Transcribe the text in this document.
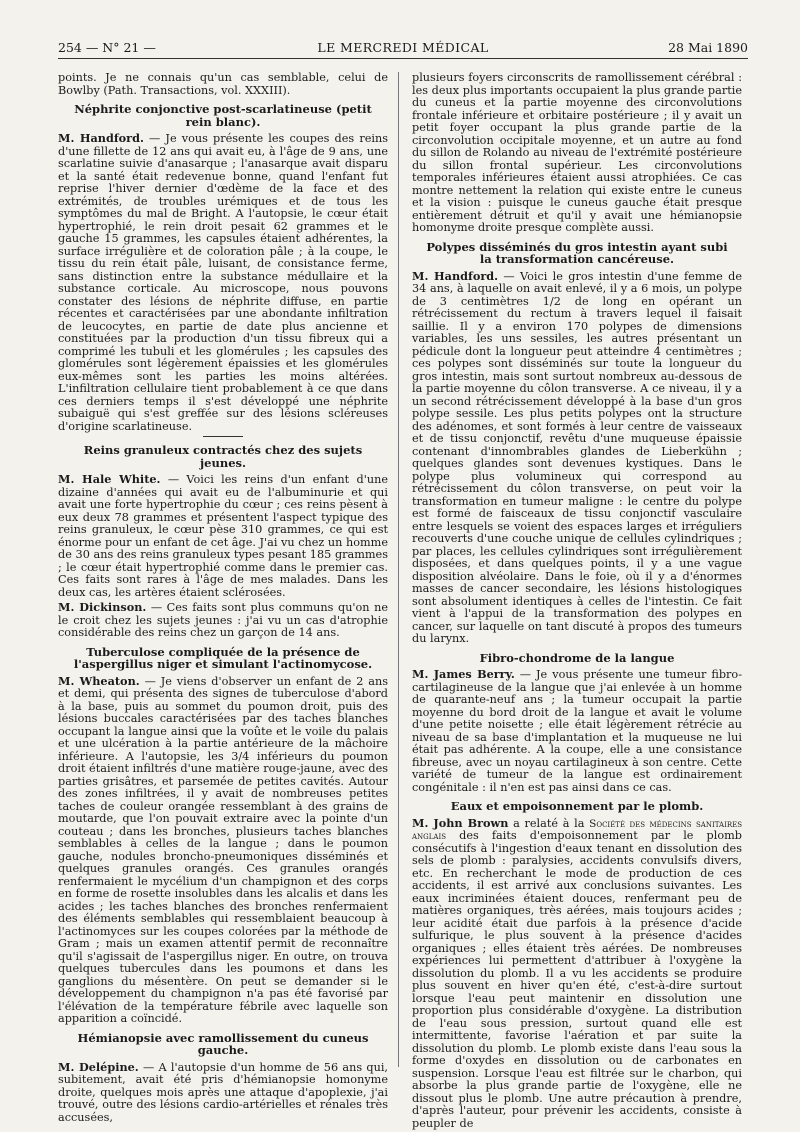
254 — N° 21 —	LE MERCREDI MÉDICAL	28 Mai 1890

points. Je ne connais qu'un cas semblable, celui de Bowlby (Path. Transactions, vol. XXXIII).

Néphrite conjonctive post-scarlatineuse (petit rein blanc).

M. Handford. — Je vous présente les coupes des reins d'une fillette de 12 ans qui avait eu, à l'âge de 9 ans, une scarlatine suivie d'anasarque ; l'anasarque avait disparu et la santé était redevenue bonne, quand l'enfant fut reprise l'hiver dernier d'œdème de la face et des extrémités, de troubles urémiques et de tous les symptômes du mal de Bright. A l'autopsie, le cœur était hypertrophié, le rein droit pesait 62 grammes et le gauche 15 grammes, les capsules étaient adhérentes, la surface irrégulière et de coloration pâle ; à la coupe, le tissu du rein était pâle, luisant, de consistance ferme, sans distinction entre la substance médullaire et la substance corticale. Au microscope, nous pouvons constater des lésions de néphrite diffuse, en partie récentes et caractérisées par une abondante infiltration de leucocytes, en partie de date plus ancienne et constituées par la production d'un tissu fibreux qui a comprimé les tubuli et les glomérules ; les capsules des glomérules sont légèrement épaissies et les glomérules eux-mêmes sont les parties les moins altérées. L'infiltration cellulaire tient probablement à ce que dans ces derniers temps il s'est développé une néphrite subaiguë qui s'est greffée sur des lésions scléreuses d'origine scarlatineuse.

Reins granuleux contractés chez des sujets jeunes.

M. Hale White. — Voici les reins d'un enfant d'une dizaine d'années qui avait eu de l'albuminurie et qui avait une forte hypertrophie du cœur ; ces reins pèsent à eux deux 78 grammes et présentent l'aspect typique des reins granuleux, le cœur pèse 310 grammes, ce qui est énorme pour un enfant de cet âge. J'ai vu chez un homme de 30 ans des reins granuleux types pesant 185 grammes ; le cœur était hypertrophié comme dans le premier cas. Ces faits sont rares à l'âge de mes malades. Dans les deux cas, les artères étaient sclérosées.

M. Dickinson. — Ces faits sont plus communs qu'on ne le croit chez les sujets jeunes : j'ai vu un cas d'atrophie considérable des reins chez un garçon de 14 ans.

Tuberculose compliquée de la présence de l'aspergillus niger et simulant l'actinomycose.

M. Wheaton. — Je viens d'observer un enfant de 2 ans et demi, qui présenta des signes de tuberculose d'abord à la base, puis au sommet du poumon droit, puis des lésions buccales caractérisées par des taches blanches occupant la langue ainsi que la voûte et le voile du palais et une ulcération à la partie antérieure de la mâchoire inférieure. A l'autopsie, les 3/4 inférieurs du poumon droit étaient infiltrés d'une matière rouge-jaune, avec des parties grisâtres, et parsemée de petites cavités. Autour des zones infiltrées, il y avait de nombreuses petites taches de couleur orangée ressemblant à des grains de moutarde, que l'on pouvait extraire avec la pointe d'un couteau ; dans les bronches, plusieurs taches blanches semblables à celles de la langue ; dans le poumon gauche, nodules broncho-pneumoniques disséminés et quelques granules orangés. Ces granules orangés renfermaient le mycélium d'un champignon et des corps en forme de rosette insolubles dans les alcalis et dans les acides ; les taches blanches des bronches renfermaient des éléments semblables qui ressemblaient beaucoup à l'actinomyces sur les coupes colorées par la méthode de Gram ; mais un examen attentif permit de reconnaître qu'il s'agissait de l'aspergillus niger. En outre, on trouva quelques tubercules dans les poumons et dans les ganglions du mésentère. On peut se demander si le développement du champignon n'a pas été favorisé par l'élévation de la température fébrile avec laquelle son apparition a coïncidé.

Hémianopsie avec ramollissement du cuneus gauche.

M. Delépine. — A l'autopsie d'un homme de 56 ans qui, subitement, avait été pris d'hémianopsie homonyme droite, quelques mois après une attaque d'apoplexie, j'ai trouvé, outre des lésions cardio-artérielles et rénales très accusées,

plusieurs foyers circonscrits de ramollissement cérébral : les deux plus importants occupaient la plus grande partie du cuneus et la partie moyenne des circonvolutions frontale inférieure et orbitaire postérieure ; il y avait un petit foyer occupant la plus grande partie de la circonvolution occipitale moyenne, et un autre au fond du sillon de Rolando au niveau de l'extrémité postérieure du sillon frontal supérieur. Les circonvolutions temporales inférieures étaient aussi atrophiées. Ce cas montre nettement la relation qui existe entre le cuneus et la vision : puisque le cuneus gauche était presque entièrement détruit et qu'il y avait une hémianopsie homonyme droite presque complète aussi.

Polypes disséminés du gros intestin ayant subi la transformation cancéreuse.

M. Handford. — Voici le gros intestin d'une femme de 34 ans, à laquelle on avait enlevé, il y a 6 mois, un polype de 3 centimètres 1/2 de long en opérant un rétrécissement du rectum à travers lequel il faisait saillie. Il y a environ 170 polypes de dimensions variables, les uns sessiles, les autres présentant un pédicule dont la longueur peut atteindre 4 centimètres ; ces polypes sont disséminés sur toute la longueur du gros intestin, mais sont surtout nombreux au-dessous de la partie moyenne du côlon transverse. A ce niveau, il y a un second rétrécissement développé à la base d'un gros polype sessile. Les plus petits polypes ont la structure des adénomes, et sont formés à leur centre de vaisseaux et de tissu conjonctif, revêtu d'une muqueuse épaissie contenant d'innombrables glandes de Lieberkühn ; quelques glandes sont devenues kystiques. Dans le polype plus volumineux qui correspond au rétrécissement du côlon transverse, on peut voir la transformation en tumeur maligne : le centre du polype est formé de faisceaux de tissu conjonctif vasculaire entre lesquels se voient des espaces larges et irréguliers recouverts d'une couche unique de cellules cylindriques ; par places, les cellules cylindriques sont irrégulièrement disposées, et dans quelques points, il y a une vague disposition alvéolaire. Dans le foie, où il y a d'énormes masses de cancer secondaire, les lésions histologiques sont absolument identiques à celles de l'intestin. Ce fait vient à l'appui de la transformation des polypes en cancer, sur laquelle on tant discuté à propos des tumeurs du larynx.

Fibro-chondrome de la langue

M. James Berry. — Je vous présente une tumeur fibro-cartilagineuse de la langue que j'ai enlevée à un homme de quarante-neuf ans ; la tumeur occupait la partie moyenne du bord droit de la langue et avait le volume d'une petite noisette ; elle était légèrement rétrécie au niveau de sa base d'implantation et la muqueuse ne lui était pas adhérente. A la coupe, elle a une consistance fibreuse, avec un noyau cartilagineux à son centre. Cette variété de tumeur de la langue est ordinairement congénitale : il n'en est pas ainsi dans ce cas.

Eaux et empoisonnement par le plomb.

M. John Brown a relaté à la Société des médecins sanitaires anglais des faits d'empoisonnement par le plomb consécutifs à l'ingestion d'eaux tenant en dissolution des sels de plomb : paralysies, accidents convulsifs divers, etc. En recherchant le mode de production de ces accidents, il est arrivé aux conclusions suivantes. Les eaux incriminées étaient douces, renfermant peu de matières organiques, très aérées, mais toujours acides ; leur acidité était due parfois à la présence d'acide sulfurique, le plus souvent à la présence d'acides organiques ; elles étaient très aérées. De nombreuses expériences lui permettent d'attribuer à l'oxygène la dissolution du plomb. Il a vu les accidents se produire plus souvent en hiver qu'en été, c'est-à-dire surtout lorsque l'eau peut maintenir en dissolution une proportion plus considérable d'oxygène. La distribution de l'eau sous pression, surtout quand elle est intermittente, favorise l'aération et par suite la dissolution du plomb. Le plomb existe dans l'eau sous la forme d'oxydes en dissolution ou de carbonates en suspension. Lorsque l'eau est filtrée sur le charbon, qui absorbe la plus grande partie de l'oxygène, elle ne dissout plus le plomb. Une autre précaution à prendre, d'après l'auteur, pour prévenir les accidents, consiste à peupler de
